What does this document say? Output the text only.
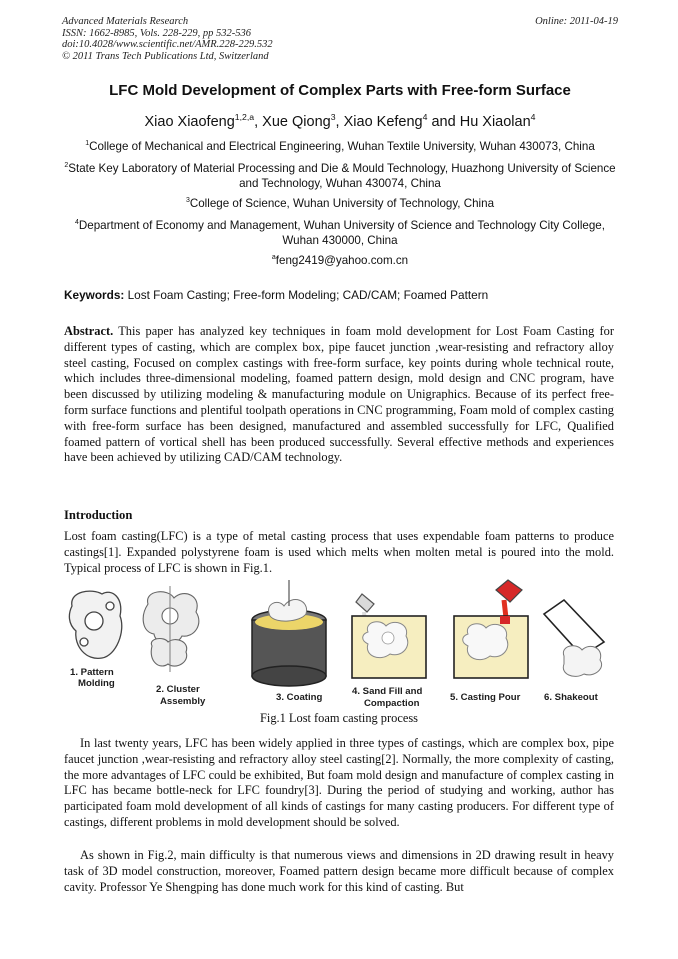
Advanced Materials Research
ISSN: 1662-8985, Vols. 228-229, pp 532-536
doi:10.4028/www.scientific.net/AMR.228-229.532
© 2011 Trans Tech Publications Ltd, Switzerland
Online: 2011-04-19
LFC Mold Development of Complex Parts with Free-form Surface
Xiao Xiaofeng$^{1,2,a}$, Xue Qiong$^3$, Xiao Kefeng$^4$ and Hu Xiaolan$^4$
$^1$College of Mechanical and Electrical Engineering, Wuhan Textile University, Wuhan 430073, China
$^2$State Key Laboratory of Material Processing and Die & Mould Technology, Huazhong University of Science and Technology, Wuhan 430074, China
$^3$College of Science, Wuhan University of Technology, China
$^4$Department of Economy and Management, Wuhan University of Science and Technology City College, Wuhan 430000, China
$^a$feng2419@yahoo.com.cn
Keywords: Lost Foam Casting; Free-form Modeling; CAD/CAM; Foamed Pattern
Abstract. This paper has analyzed key techniques in foam mold development for Lost Foam Casting for different types of casting, which are complex box, pipe faucet junction ,wear-resisting and refractory alloy steel casting, Focused on complex castings with free-form surface, key points during whole technical route, which includes three-dimensional modeling, foamed pattern design, mold design and CNC program, have been discussed by utilizing modeling & manufacturing module on Unigraphics. Because of its perfect free-form surface functions and plentiful toolpath operations in CNC programming, Foam mold of complex casting with free-form surface has been designed, manufactured and assembled successfully for LFC, Qualified foamed pattern of vortical shell has been produced successfully. Several effective methods and experiences have been achieved by utilizing CAD/CAM technology.
Introduction
Lost foam casting(LFC) is a type of metal casting process that uses expendable foam patterns to produce castings[1]. Expanded polystyrene foam is used which melts when molten metal is poured into the mold. Typical process of LFC is shown in Fig.1.
1. Pattern
Molding
2. Cluster
Assembly	3. Coating
4. Sand Fill and
Compaction
5. Casting Pour 6. Shakeout
Fig.1 Lost foam casting process
In last twenty years, LFC has been widely applied in three types of castings, which are complex box, pipe faucet junction ,wear-resisting and refractory alloy steel casting[2]. Normally, the more complexity of casting, the more advantages of LFC could be exhibited, But foam mold design and manufacture of complex casting in LFC has became bottle-neck for LFC foundry[3]. During the period of studying and working, author has participated foam mold development of all kinds of castings for many casting producers. For different type of castings, different problems in mold development should be solved.
As shown in Fig.2, main difficulty is that numerous views and dimensions in 2D drawing result in heavy task of 3D model construction, moreover, Foamed pattern design became more difficult because of complex cavity. Professor Ye Shengping has done much work for this kind of casting. But
